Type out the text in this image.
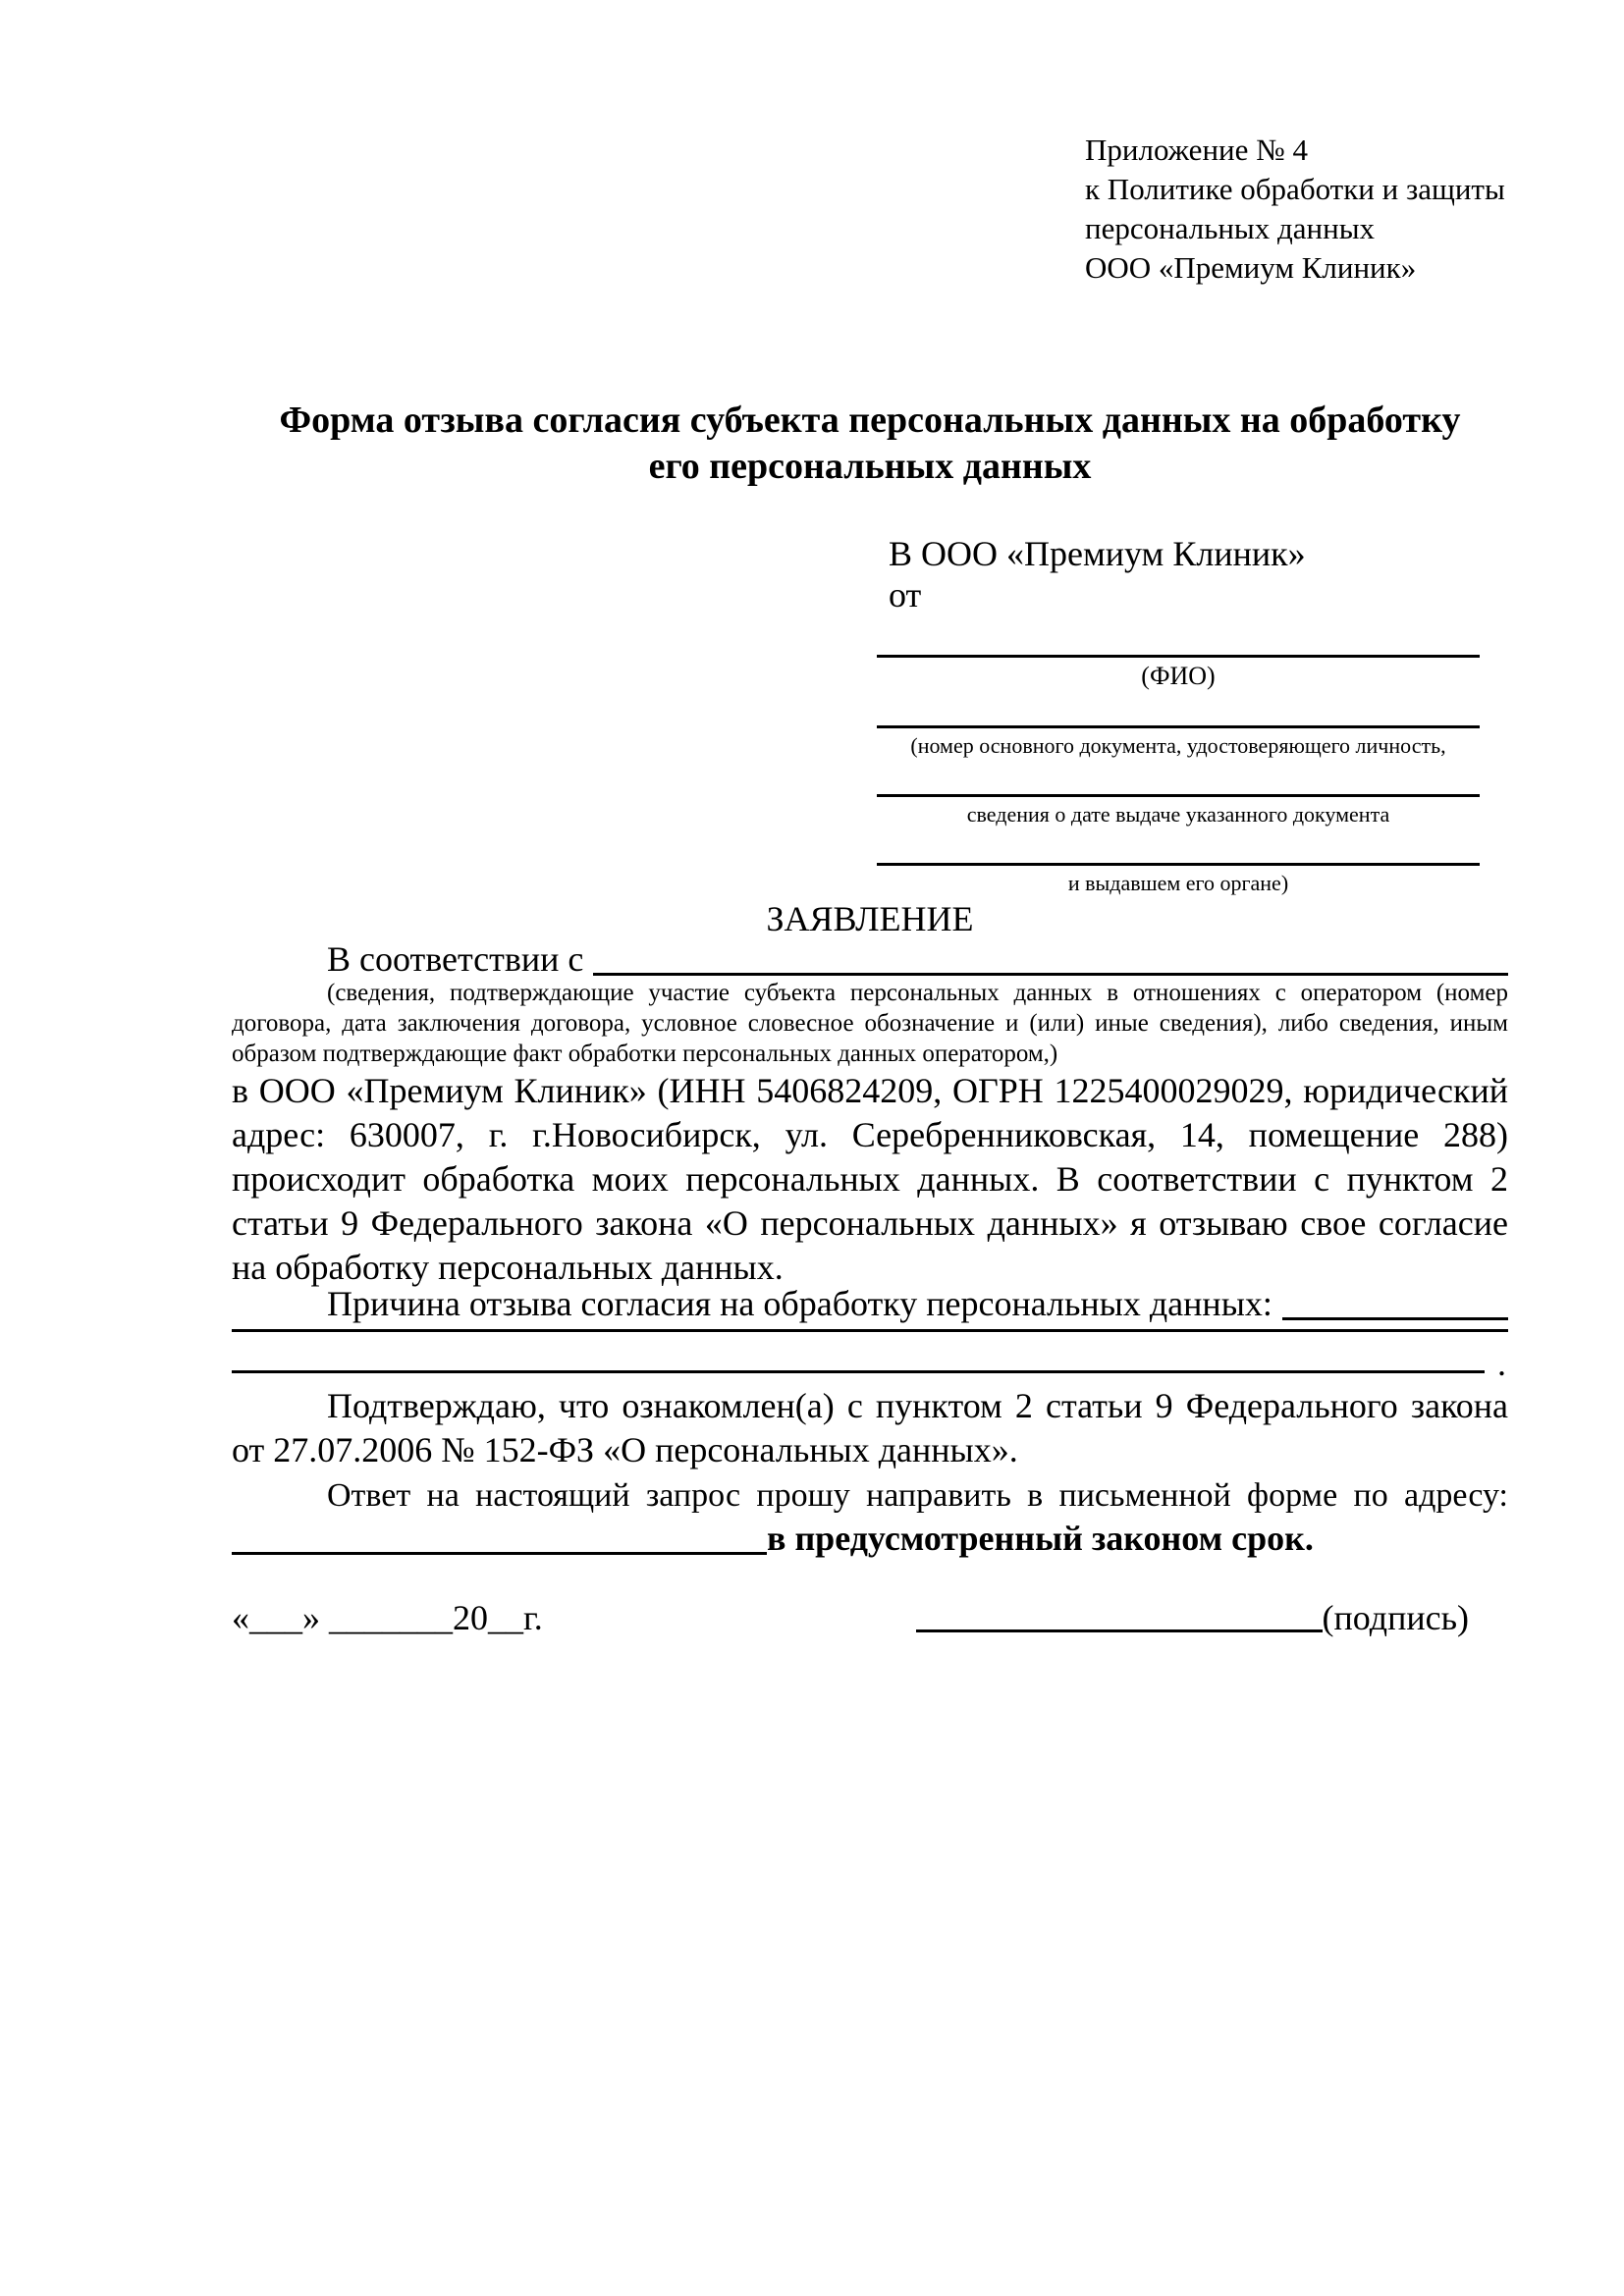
Приложение № 4
к Политике обработки и защиты
персональных данных
ООО «Премиум Клиник»
Форма отзыва согласия субъекта персональных данных на обработку
его персональных данных
В ООО «Премиум Клиник»
от
(ФИО)
(номер основного документа, удостоверяющего личность,
сведения о дате выдаче указанного документа
и выдавшем его органе)
ЗАЯВЛЕНИЕ
В соответствии с
(сведения, подтверждающие участие субъекта персональных данных в отношениях с оператором (номер договора, дата заключения договора, условное словесное обозначение и (или) иные сведения), либо сведения, иным образом подтверждающие факт обработки персональных данных оператором,)
в ООО «Премиум Клиник» (ИНН 5406824209, ОГРН 1225400029029, юридический адрес: 630007, г. г.Новосибирск, ул. Серебренниковская, 14, помещение 288) происходит обработка моих персональных данных. В соответствии с пунктом 2 статьи 9 Федерального закона «О персональных данных» я отзываю свое согласие на обработку персональных данных.
Причина отзыва согласия на обработку персональных данных:
.
Подтверждаю, что ознакомлен(а) с пунктом 2 статьи 9 Федерального закона от 27.07.2006 № 152-ФЗ «О персональных данных».
Ответ на настоящий запрос прошу направить в письменной форме по адресу:
в предусмотренный законом срок.
«___» _______20__г.	(подпись)
